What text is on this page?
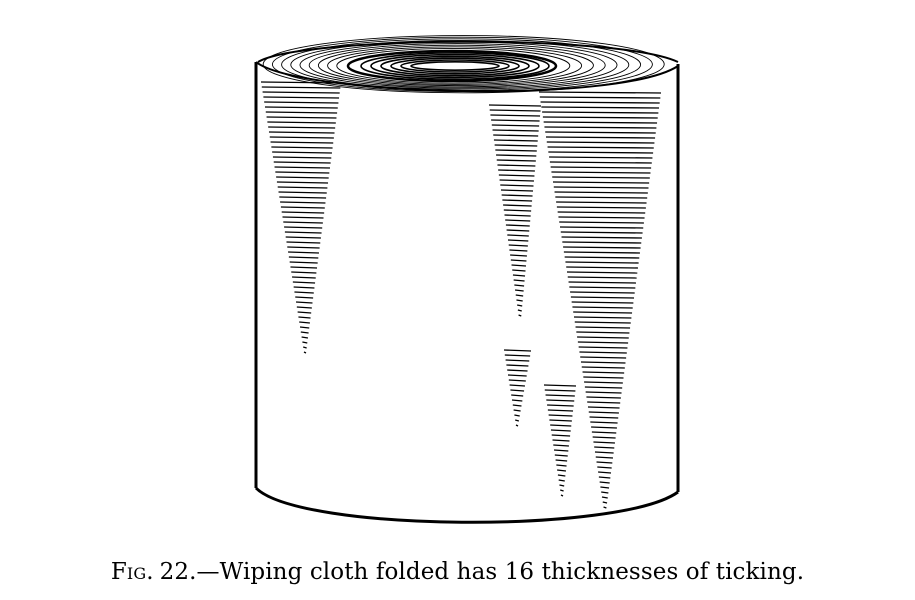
Fig. 22.—Wiping cloth folded has 16 thicknesses of ticking.
